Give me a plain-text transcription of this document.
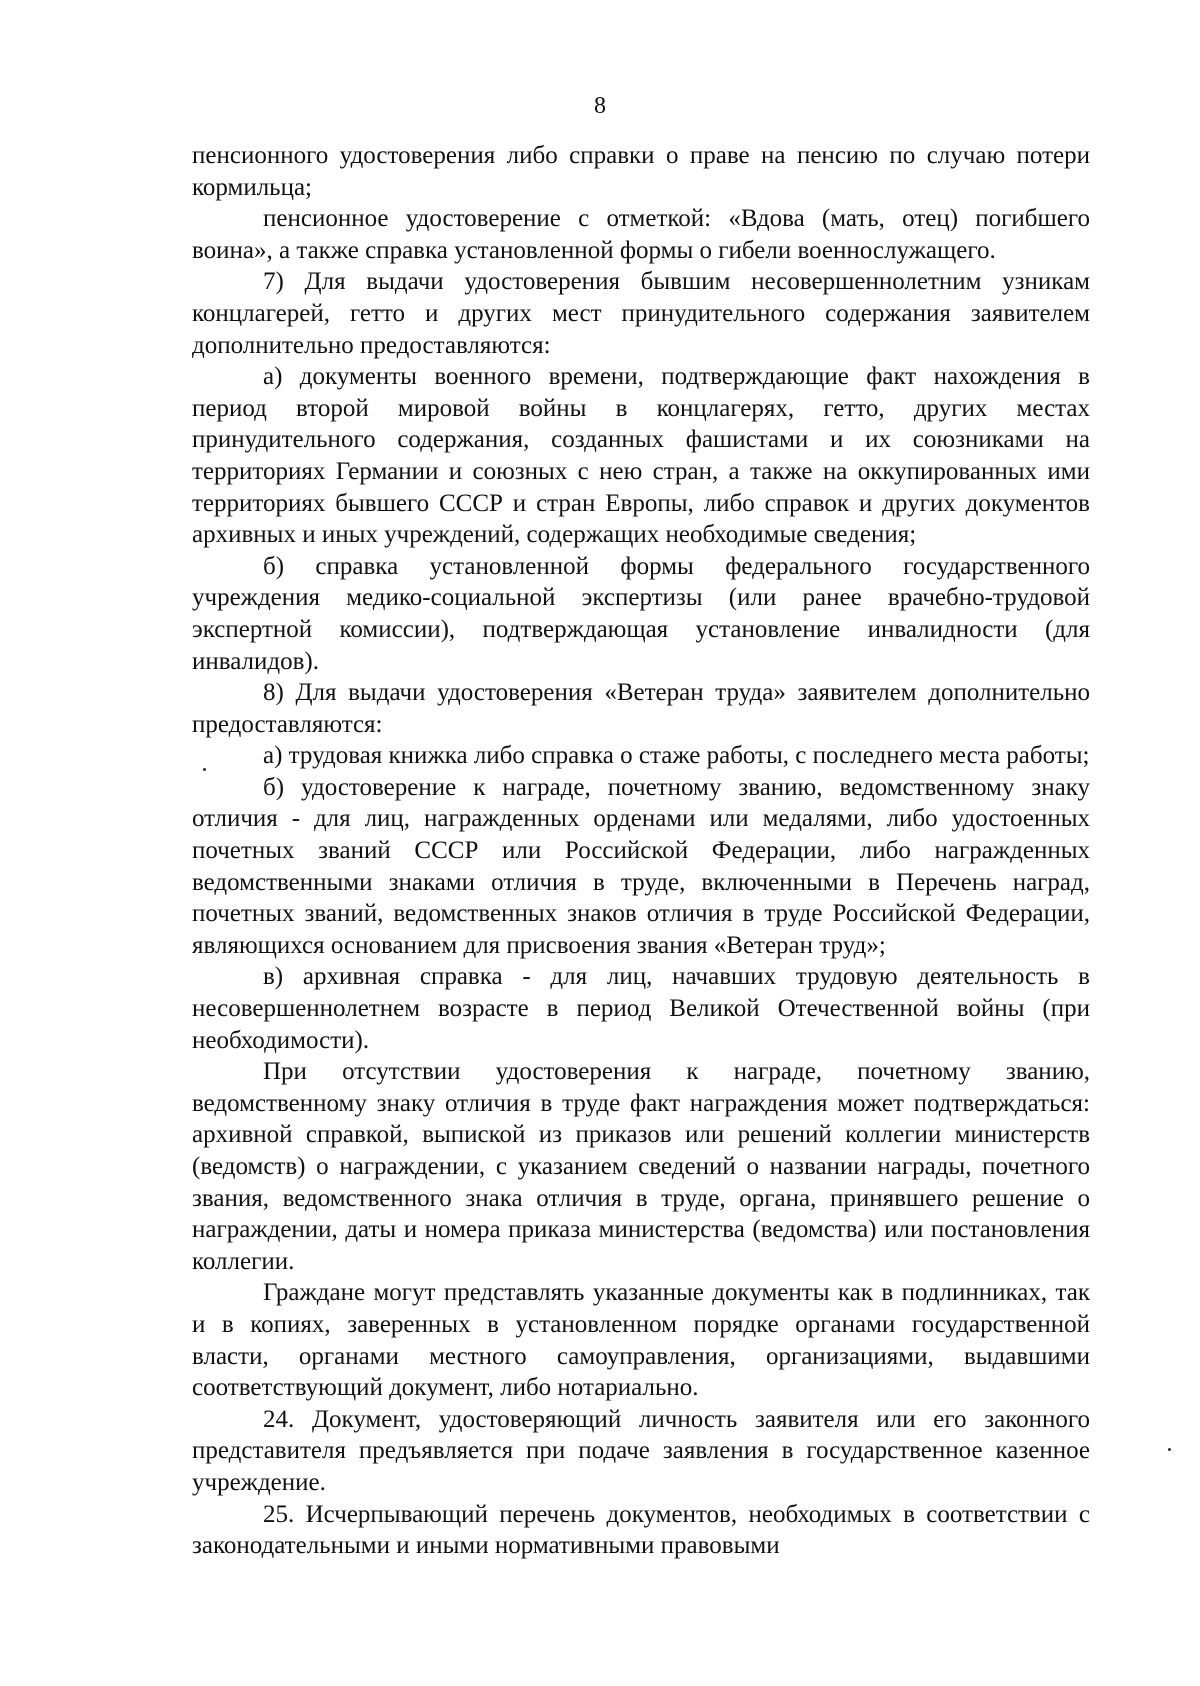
8

пенсионного удостоверения либо справки о праве на пенсию по случаю потери кормильца;

пенсионное удостоверение с отметкой: «Вдова (мать, отец) погибшего воина», а также справка установленной формы о гибели военнослужащего.

7) Для выдачи удостоверения бывшим несовершеннолетним узникам концлагерей, гетто и других мест принудительного содержания заявителем дополнительно предоставляются:

а) документы военного времени, подтверждающие факт нахождения в период второй мировой войны в концлагерях, гетто, других местах принудительного содержания, созданных фашистами и их союзниками на территориях Германии и союзных с нею стран, а также на оккупированных ими территориях бывшего СССР и стран Европы, либо справок и других документов архивных и иных учреждений, содержащих необходимые сведения;

б) справка установленной формы федерального государственного учреждения медико-социальной экспертизы (или ранее врачебно-трудовой экспертной комиссии), подтверждающая установление инвалидности (для инвалидов).

8) Для выдачи удостоверения «Ветеран труда» заявителем дополнительно предоставляются:

а) трудовая книжка либо справка о стаже работы, с последнего места работы;

б) удостоверение к награде, почетному званию, ведомственному знаку отличия - для лиц, награжденных орденами или медалями, либо удостоенных почетных званий СССР или Российской Федерации, либо награжденных ведомственными знаками отличия в труде, включенными в Перечень наград, почетных званий, ведомственных знаков отличия в труде Российской Федерации, являющихся основанием для присвоения звания «Ветеран труд»;

в) архивная справка - для лиц, начавших трудовую деятельность в несовершеннолетнем возрасте в период Великой Отечественной войны (при необходимости).

При отсутствии удостоверения к награде, почетному званию, ведомственному знаку отличия в труде факт награждения может подтверждаться: архивной справкой, выпиской из приказов или решений коллегии министерств (ведомств) о награждении, с указанием сведений о названии награды, почетного звания, ведомственного знака отличия в труде, органа, принявшего решение о награждении, даты и номера приказа министерства (ведомства) или постановления коллегии.

Граждане могут представлять указанные документы как в подлинниках, так и в копиях, заверенных в установленном порядке органами государственной власти, органами местного самоуправления, организациями, выдавшими соответствующий документ, либо нотариально.

24. Документ, удостоверяющий личность заявителя или его законного представителя предъявляется при подаче заявления в государственное казенное учреждение.

25. Исчерпывающий перечень документов, необходимых в соответствии с законодательными и иными нормативными правовыми
